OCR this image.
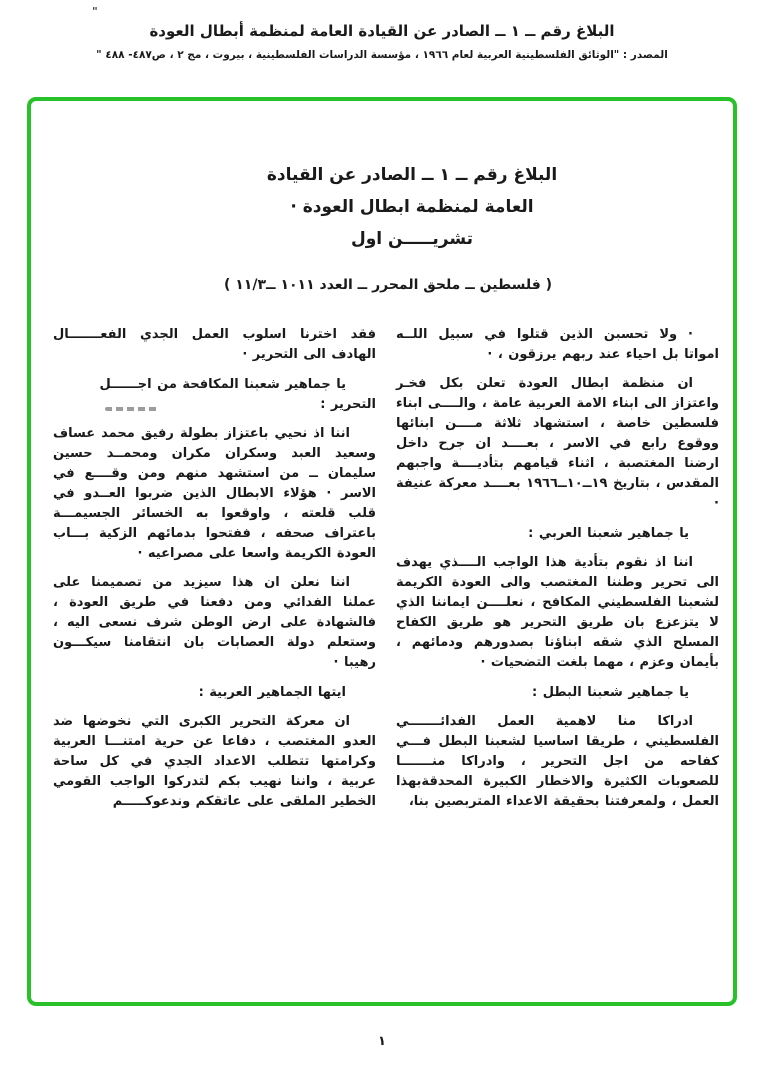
"
البلاغ رقم ــ ١ ــ الصادر عن القيادة العامة لمنظمة أبطال العودة
المصدر : "الوثائق الفلسطينية العربية لعام ١٩٦٦ ، مؤسسة الدراسات الفلسطينية ، بيروت ، مج ٢ ، ص٤٨٧- ٤٨٨ "
البلاغ رقم ــ ١ ــ الصادر عن القيادة
العامة لمنظمة ابطال العودة ·
تشريـــــن اول
( فلسطين ــ ملحق المحرر ــ العدد ١٠١١ ــ١١/٣ )

· ولا تحسبن الذين قتلوا في سبيل اللــه امواتا بل احياء عند ربهم يرزقون ، ·

ان منظمة ابطال العودة تعلن بكل فخـر واعتزاز الى ابناء الامة العربية عامة ، والــــى ابناء فلسطين خاصة ، استشهاد ثلاثة مــــن ابنائها ووقوع رابع في الاسر ، بعــــد ان جرح داخل ارضنا المغتصبة ، اثناء قيامهم بتأديــــة واجبهم المقدس ، بتاريخ ١٩ــ١٠ــ١٩٦٦ بعــــد معركة عنيفة ·

يا جماهير شعبنا العربي :

اننا اذ نقوم بتأدية هذا الواجب الــــذي يهدف الى تحرير وطننا المغتصب والى العودة الكريمة لشعبنا الفلسطيني المكافح ، نعلــــن ايماننا الذي لا يتزعزع بان طريق التحرير هو طريق الكفاح المسلح الذي شقه ابناؤنا بصدورهم ودمائهم ، بأيمان وعزم ، مهما بلغت التضحيات ·

يا جماهير شعبنا البطل :

ادراكا منا لاهمية العمل الفدائـــــــي الفلسطيني ، طريقا اساسيا لشعبنا البطل فـــي كفاحه من اجل التحرير ، وادراكا منـــــــا للصعوبات الكثيرة والاخطار الكبيرة المحدقةبهذا العمل ، ولمعرفتنا بحقيقة الاعداء المتربصين بنا،

فقد اخترنا اسلوب العمل الجدي الفعـــــــال الهادف الى التحرير ·

يا جماهير شعبنا المكافحة من اجــــــل التحرير :

اننا اذ نحيي باعتزاز بطولة رفيق محمد عساف وسعيد العبد وسكران مكران ومحمــد حسين سليمان ــ من استشهد منهم ومن وقــــع في الاسر · هؤلاء الابطال الذين ضربوا العــدو في قلب قلعته ، واوقعوا به الخسائر الجسيمـــة باعتراف صحفه ، ففتحوا بدمائهم الزكية بـــاب العودة الكريمة واسعا على مصراعيه ·

اننا نعلن ان هذا سيزيد من تصميمنا على عملنا الفدائي ومن دفعنا في طريق العودة ، فالشهادة على ارض الوطن شرف نسعى اليه ، وستعلم دولة العصابات بان انتقامنا سيكـــون رهيبا ·

ايتها الجماهير العربية :

ان معركة التحرير الكبرى التي نخوضها ضد العدو المغتصب ، دفاعا عن حرية امتنـــا العربية وكرامتها تتطلب الاعداد الجدي في كل ساحة عربية ، واننا نهيب بكم لتدركوا الواجب القومي الخطير الملقى على عاتقكم وندعوكـــــم

١
